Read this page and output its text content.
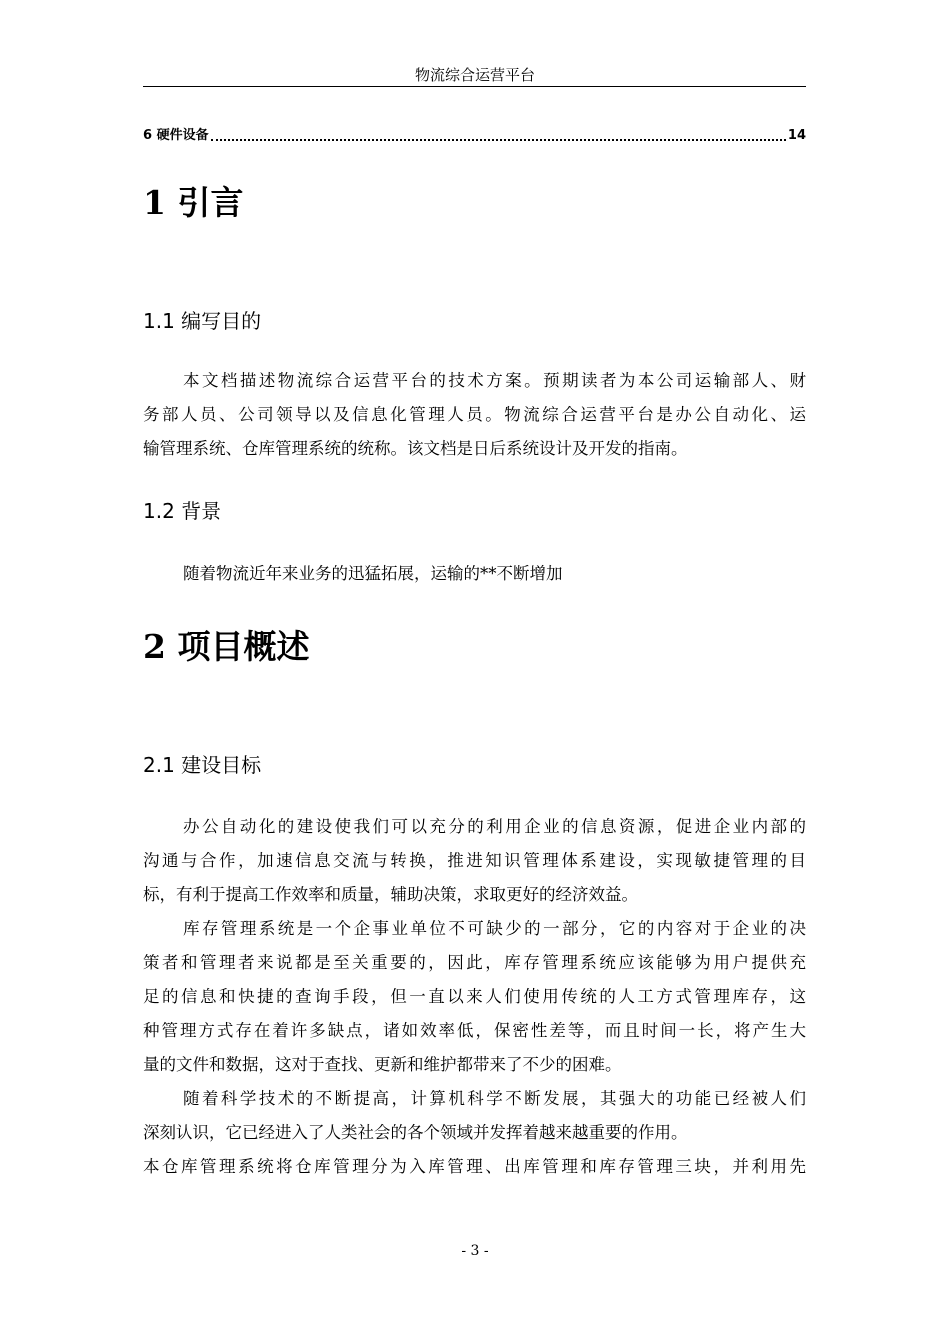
物流综合运营平台
6 硬件设备	14
1 引言
1.1 编写目的
本文档描述物流综合运营平台的技术方案。预期读者为本公司运输部人、财
务部人员、公司领导以及信息化管理人员。物流综合运营平台是办公自动化、运
输管理系统、仓库管理系统的统称。该文档是日后系统设计及开发的指南。
1.2 背景
随着物流近年来业务的迅猛拓展，运输的**不断增加
2 项目概述
2.1 建设目标
办公自动化的建设使我们可以充分的利用企业的信息资源，促进企业内部的
沟通与合作，加速信息交流与转换，推进知识管理体系建设，实现敏捷管理的目
标，有利于提高工作效率和质量，辅助决策，求取更好的经济效益。
库存管理系统是一个企事业单位不可缺少的一部分，它的内容对于企业的决
策者和管理者来说都是至关重要的，因此，库存管理系统应该能够为用户提供充
足的信息和快捷的查询手段，但一直以来人们使用传统的人工方式管理库存，这
种管理方式存在着许多缺点，诸如效率低，保密性差等，而且时间一长，将产生大
量的文件和数据，这对于查找、更新和维护都带来了不少的困难。
随着科学技术的不断提高，计算机科学不断发展，其强大的功能已经被人们
深刻认识，它已经进入了人类社会的各个领域并发挥着越来越重要的作用。
本仓库管理系统将仓库管理分为入库管理、出库管理和库存管理三块，并利用先
- 3 -
